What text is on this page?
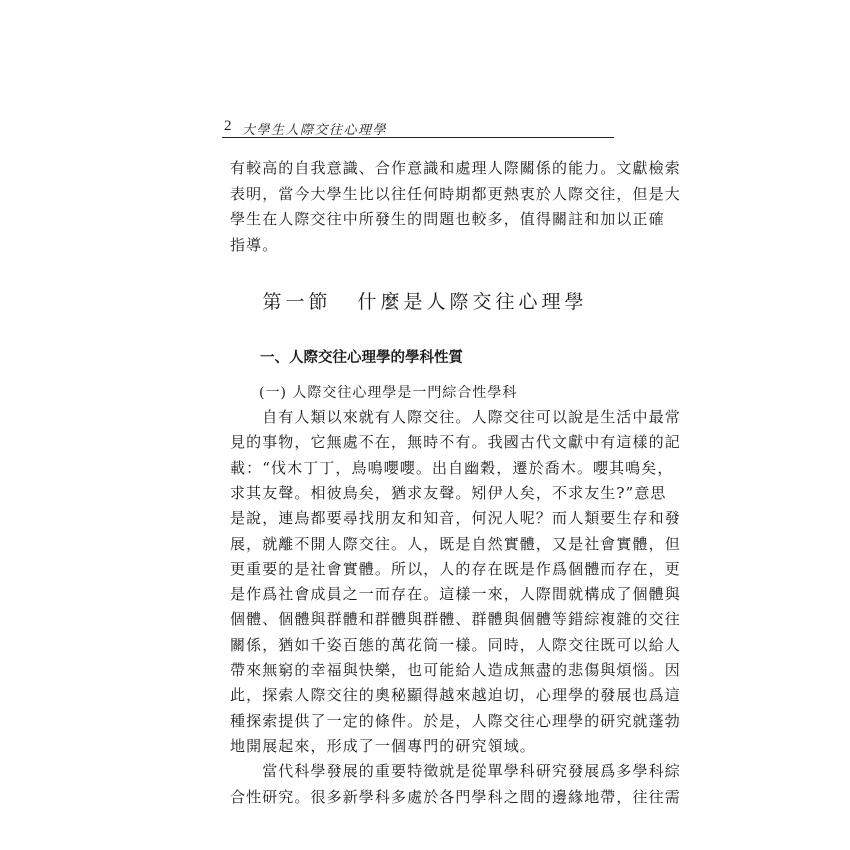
2 大學生人際交往心理學
有較高的自我意識、合作意識和處理人際關係的能力。文獻檢索
表明，當今大學生比以往任何時期都更熱衷於人際交往，但是大
學生在人際交往中所發生的問題也較多，值得關註和加以正確
指導。
第一節 什麼是人際交往心理學
一、人際交往心理學的學科性質
(一) 人際交往心理學是一門綜合性學科
　　自有人類以來就有人際交往。人際交往可以說是生活中最常
見的事物，它無處不在，無時不有。我國古代文獻中有這樣的記
載：“伐木丁丁，鳥鳴嚶嚶。出自幽穀，遷於喬木。嚶其鳴矣，
求其友聲。相彼鳥矣，猶求友聲。矧伊人矣，不求友生?”意思
是說，連鳥都要尋找朋友和知音，何況人呢？而人類要生存和發
展，就離不開人際交往。人，既是自然實體，又是社會實體，但
更重要的是社會實體。所以，人的存在既是作爲個體而存在，更
是作爲社會成員之一而存在。這樣一來，人際間就構成了個體與
個體、個體與群體和群體與群體、群體與個體等錯綜複雜的交往
關係，猶如千姿百態的萬花筒一樣。同時，人際交往既可以給人
帶來無窮的幸福與快樂，也可能給人造成無盡的悲傷與煩惱。因
此，探索人際交往的奧秘顯得越來越迫切，心理學的發展也爲這
種探索提供了一定的條件。於是，人際交往心理學的研究就蓬勃
地開展起來，形成了一個專門的研究領域。
　　當代科學發展的重要特徵就是從單學科研究發展爲多學科綜
合性研究。很多新學科多處於各門學科之間的邊緣地帶，往往需
